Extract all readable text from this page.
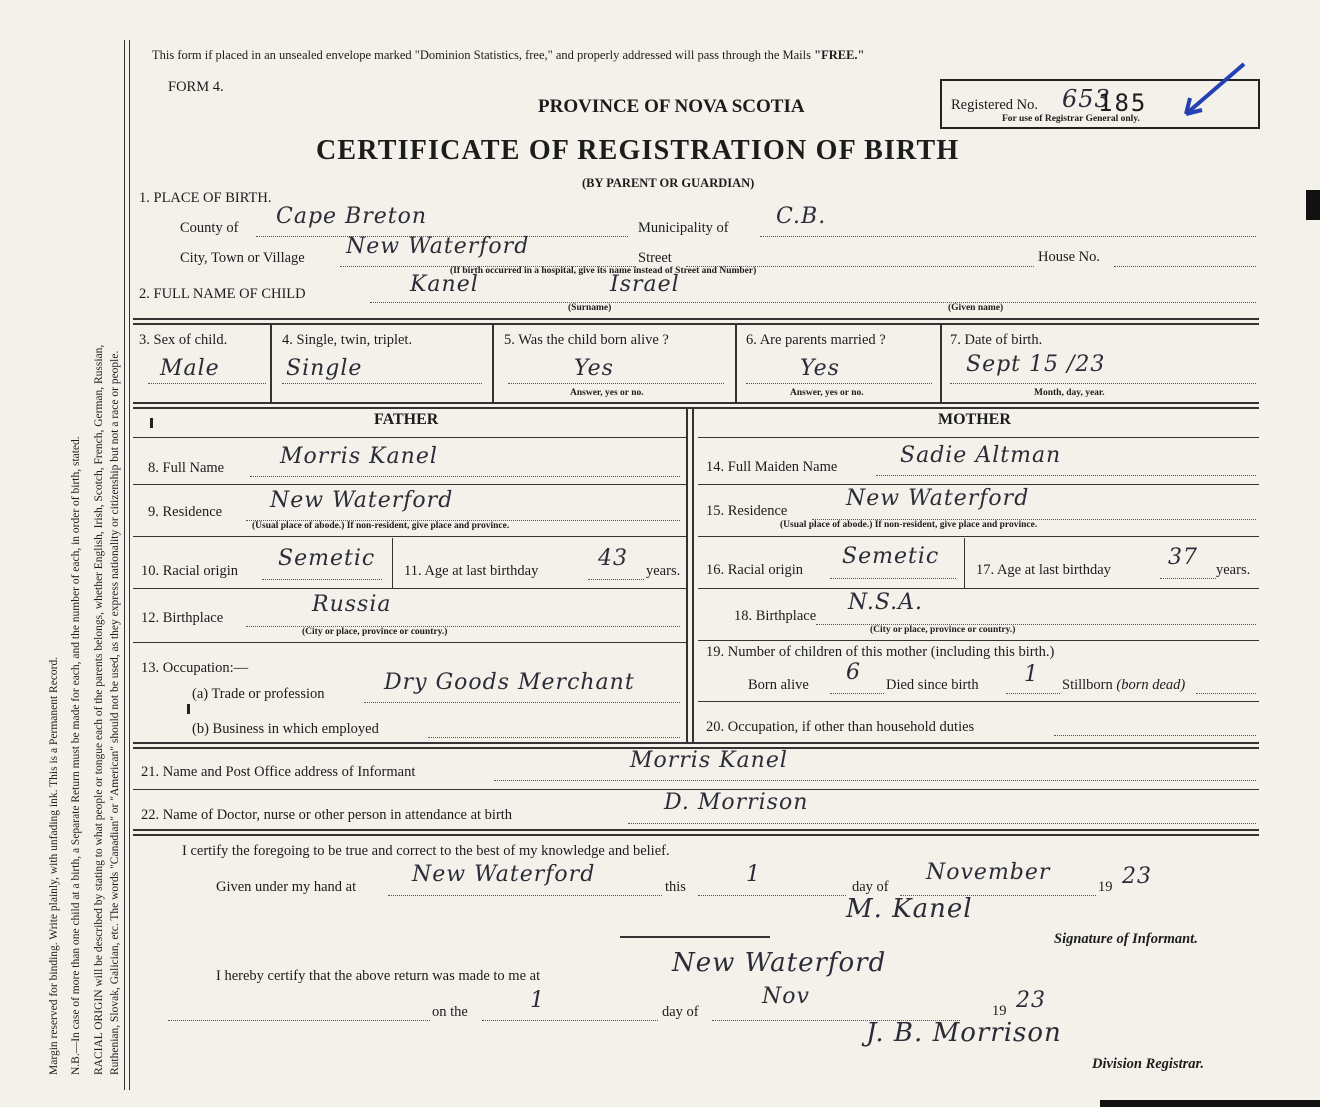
Margin reserved for binding. Write plainly, with unfading ink. This is a Permanent Record. N.B.—In case of more than one child at a birth, a Separate Return must be made for each, and the number of each, in order of birth, stated. RACIAL ORIGIN will be described by stating to what people or tongue each of the parents belongs, whether English, Irish, Scotch, French, German, Russian, Ruthenian, Slovak, Galician, etc. The words "Canadian" or "American" should not be used, as they express nationality or citizenship but not a race or people.
This form if placed in an unsealed envelope marked "Dominion Statistics, free," and properly addressed will pass through the Mails "FREE."
FORM 4.
PROVINCE OF NOVA SCOTIA
CERTIFICATE OF REGISTRATION OF BIRTH
(BY PARENT OR GUARDIAN)
Registered No. 653
185
For use of Registrar General only.
1. PLACE OF BIRTH.
County of Cape Breton	Municipality of C.B.
City, Town or Village New Waterford	Street	House No.
(If birth occurred in a hospital, give its name instead of Street and Number)
2. FULL NAME OF CHILD	Kanel	Israel
(Surname)	(Given name)
3. Sex of child.
Male
4. Single, twin, triplet.
Single
5. Was the child born alive ?
Yes
Answer, yes or no.
6. Are parents married ?
Yes
Answer, yes or no.
7. Date of birth.
Sept 15 /23
Month, day, year.
FATHER
8. Full Name	Morris Kanel
9. Residence New Waterford
(Usual place of abode.) If non-resident, give place and province.
10. Racial origin Semetic 11. Age at last birthday	43 years.
12. Birthplace
Russia
(City or place, province or country.)
13. Occupation:—
(a) Trade or profession	Dry Goods Merchant
(b) Business in which employed
MOTHER
14. Full Maiden Name	Sadie Altman
15. Residence	New Waterford
(Usual place of abode.) If non-resident, give place and province.
16. Racial origin
Semetic
17. Age at last birthday	37 years.
18. Birthplace
N.S.A.
(City or place, province or country.)
19. Number of children of this mother (including this birth.)
Born alive 6 Died since birth 1 Stillborn (born dead)
20. Occupation, if other than household duties
21. Name and Post Office address of Informant	Morris Kanel
22. Name of Doctor, nurse or other person in attendance at birth	D. Morrison
I certify the foregoing to be true and correct to the best of my knowledge and belief.
Given under my hand at	New Waterford	this	1	day of
November
19 23
M. Kanel
Signature of Informant.
I hereby certify that the above return was made to me at	New Waterford
on the	1	day of
Nov
19 23
J. B. Morrison
Division Registrar.
